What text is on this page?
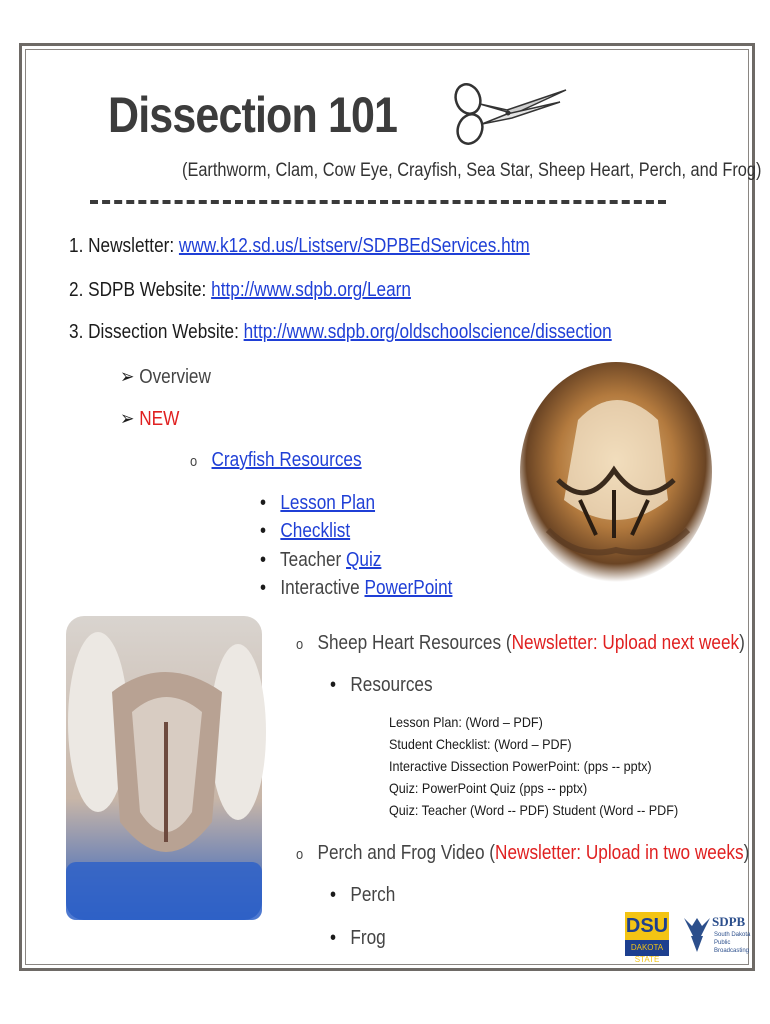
Dissection 101
(Earthworm, Clam, Cow Eye, Crayfish, Sea Star, Sheep Heart, Perch, and Frog)
1. Newsletter: www.k12.sd.us/Listserv/SDPBEdServices.htm
2. SDPB Website: http://www.sdpb.org/Learn
3. Dissection Website: http://www.sdpb.org/oldschoolscience/dissection
➢ Overview
➢ NEW
o Crayfish Resources
• Lesson Plan
• Checklist
• Teacher Quiz
• Interactive PowerPoint
o Sheep Heart Resources (Newsletter: Upload next week)
• Resources
Lesson Plan: (Word – PDF)
Student Checklist: (Word – PDF)
Interactive Dissection PowerPoint: (pps -- pptx)
Quiz: PowerPoint Quiz (pps -- pptx)
Quiz: Teacher (Word -- PDF) Student (Word -- PDF)
o Perch and Frog Video (Newsletter: Upload in two weeks)
• Perch
• Frog
DSU
DAKOTA STATE
SDPB
South Dakota
Public Broadcasting
